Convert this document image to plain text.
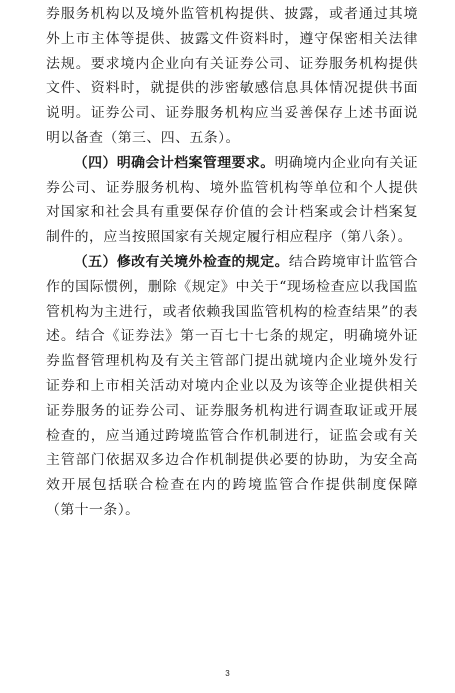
券服务机构以及境外监管机构提供、披露，或者通过其境外上市主体等提供、披露文件资料时，遵守保密相关法律法规。要求境内企业向有关证券公司、证券服务机构提供文件、资料时，就提供的涉密敏感信息具体情况提供书面说明。证券公司、证券服务机构应当妥善保存上述书面说明以备查（第三、四、五条）。

（四）明确会计档案管理要求。明确境内企业向有关证券公司、证券服务机构、境外监管机构等单位和个人提供对国家和社会具有重要保存价值的会计档案或会计档案复制件的，应当按照国家有关规定履行相应程序（第八条）。

（五）修改有关境外检查的规定。结合跨境审计监管合作的国际惯例，删除《规定》中关于“现场检查应以我国监管机构为主进行，或者依赖我国监管机构的检查结果”的表述。结合《证券法》第一百七十七条的规定，明确境外证券监督管理机构及有关主管部门提出就境内企业境外发行证券和上市相关活动对境内企业以及为该等企业提供相关证券服务的证券公司、证券服务机构进行调查取证或开展检查的，应当通过跨境监管合作机制进行，证监会或有关主管部门依据双多边合作机制提供必要的协助，为安全高效开展包括联合检查在内的跨境监管合作提供制度保障（第十一条）。

3
